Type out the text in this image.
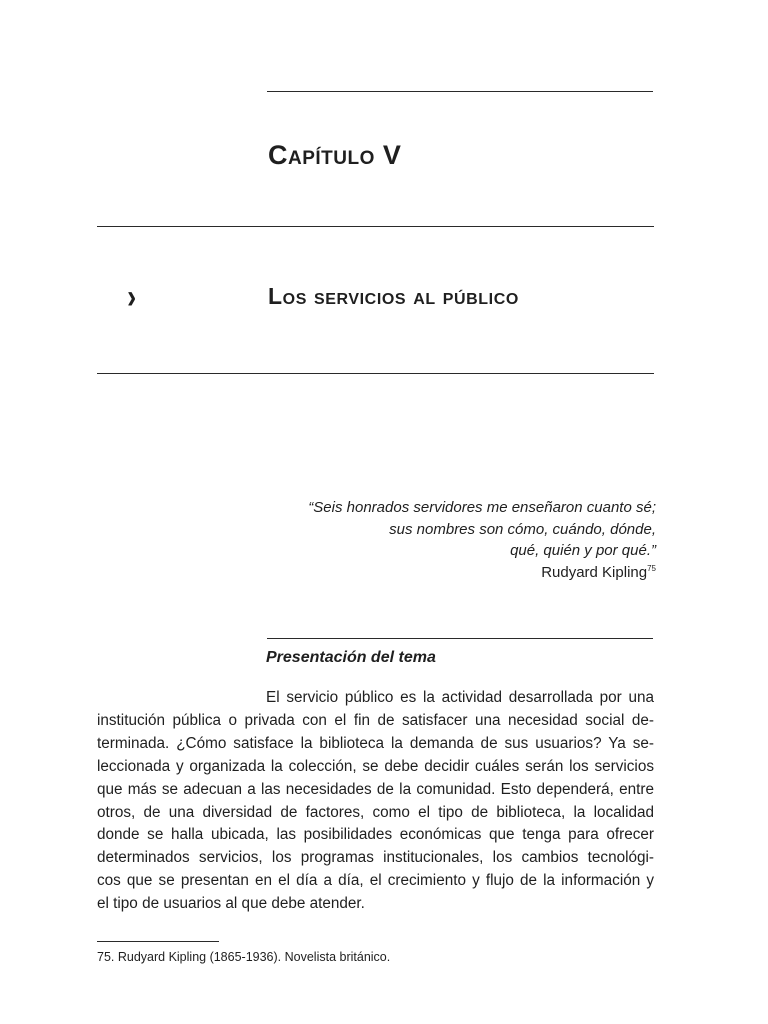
Capítulo V
›	Los servicios al público
“Seis honrados servidores me enseñaron cuanto sé;
sus nombres son cómo, cuándo, dónde,
qué, quién y por qué.”
Rudyard Kipling$^{75}$
Presentación del tema

El servicio público es la actividad desarrollada por una
institución pública o privada con el fin de satisfacer una necesidad social de-
terminada. ¿Cómo satisface la biblioteca la demanda de sus usuarios? Ya se-
leccionada y organizada la colección, se debe decidir cuáles serán los servicios
que más se adecuan a las necesidades de la comunidad. Esto dependerá, entre
otros, de una diversidad de factores, como el tipo de biblioteca, la localidad
donde se halla ubicada, las posibilidades económicas que tenga para ofrecer
determinados servicios, los programas institucionales, los cambios tecnológi-
cos que se presentan en el día a día, el crecimiento y flujo de la información y
el tipo de usuarios al que debe atender.

75. Rudyard Kipling (1865-1936). Novelista británico.
